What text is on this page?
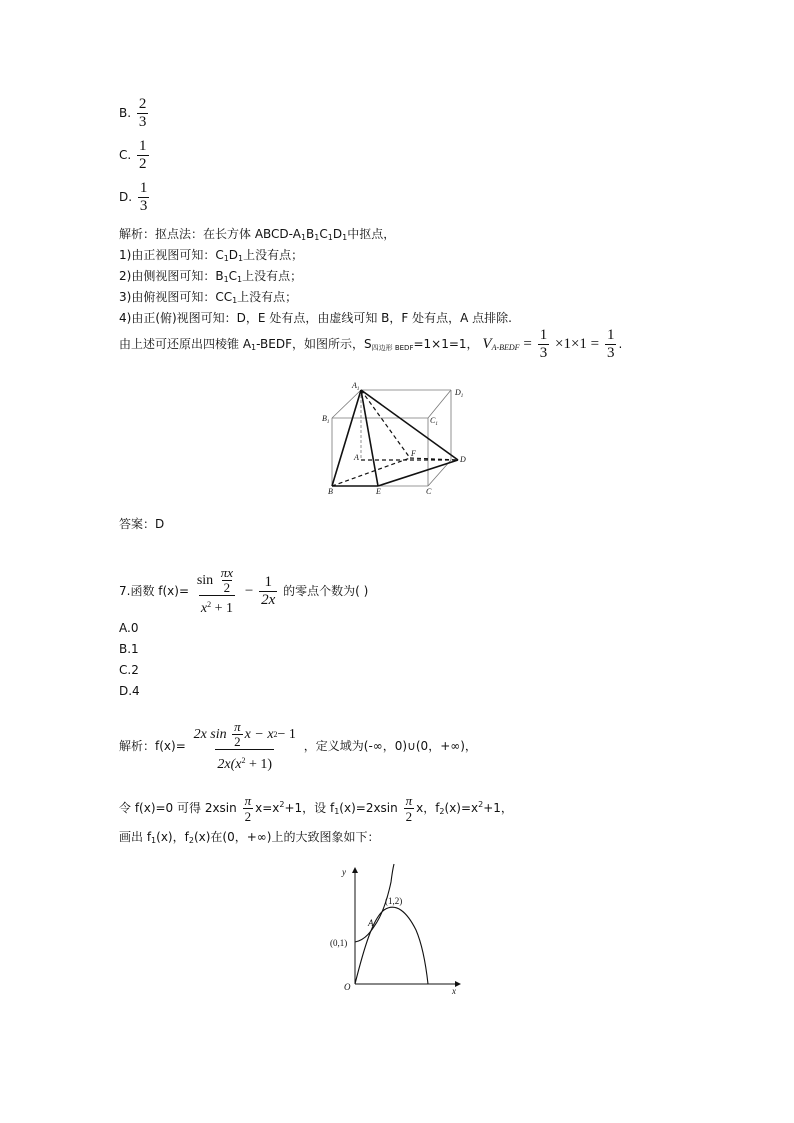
B. $\frac{2}{3}$
C. $\frac{1}{2}$
D. $\frac{1}{3}$
解析：抠点法：在长方体 ABCD-$A_1B_1C_1D_1$中抠点，
1)由正视图可知：$C_1D_1$上没有点；
2)由侧视图可知：$B_1C_1$上没有点；
3)由俯视图可知：$CC_1$上没有点；
4)由正(俯)视图可知：D，E 处有点，由虚线可知 B，F 处有点，A 点排除.
由上述可还原出四棱锥 $A_1$-BEDF，如图所示，$S_{四边形 BEDF}=1\times 1=1$， $V_{A-BEDF} = \frac{1}{3} \times 1\times 1 = \frac{1}{3}$ .
$A_1$	$D_1$
$B_1$	$C_1$
A	F
D
B	E	C
答案：D
7.函数 f(x)= sin
$\frac{\pi x}{2}$
$x^2 + 1 - \frac{1}{2x}$ 的零点个数为( )
A.0
B.1
C.2
D.4
解析：f(x)= 2x sin
$\frac{\pi}{2}$ x − x 2 − 1
$2x(x^2 + 1)$ ，定义域为(-∞，0)∪(0，+∞)，
令 f(x)=0 可得 $2xsin \frac{\pi}{2} x=x^2+1$，设 $f_1(x)=2xsin \frac{\pi}{2}$ x，$f_2(x)=x^2+1$，
画出 $f_1(x)$，$f_2(x)$在(0，+∞)上的大致图象如下：
y
x
O
(0,1)
(1,2)
A
